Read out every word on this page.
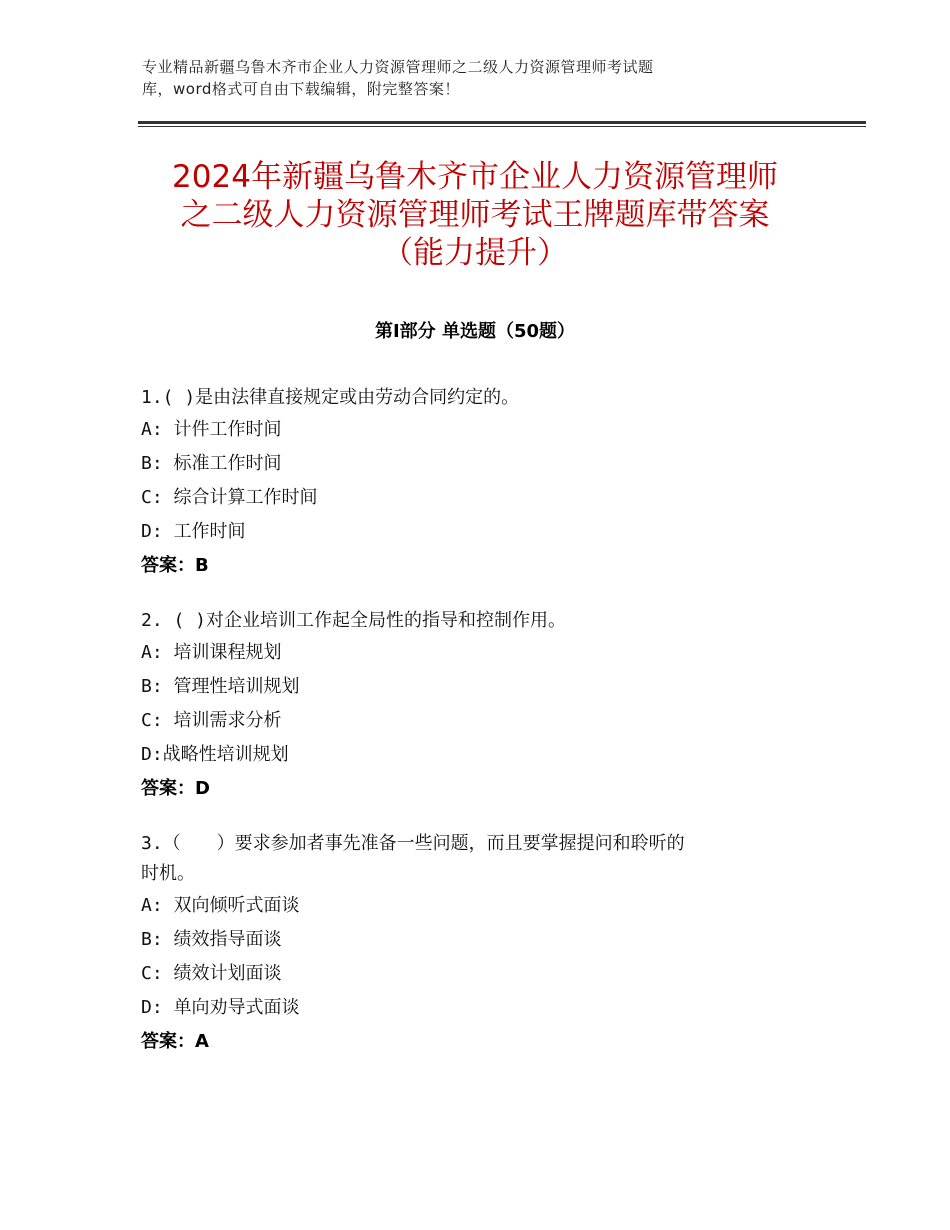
专业精品新疆乌鲁木齐市企业人力资源管理师之二级人力资源管理师考试题
库，word格式可自由下载编辑，附完整答案！
2024年新疆乌鲁木齐市企业人力资源管理师
之二级人力资源管理师考试王牌题库带答案
（能力提升）
第Ⅰ部分 单选题（50题）
1.( )是由法律直接规定或由劳动合同约定的。
A: 计件工作时间
B: 标准工作时间
C: 综合计算工作时间
D: 工作时间
答案：B
2. ( )对企业培训工作起全局性的指导和控制作用。
A: 培训课程规划
B: 管理性培训规划
C: 培训需求分析
D:战略性培训规划
答案：D
3.（　　）要求参加者事先准备一些问题，而且要掌握提问和聆听的
时机。
A: 双向倾听式面谈
B: 绩效指导面谈
C: 绩效计划面谈
D: 单向劝导式面谈
答案：A
